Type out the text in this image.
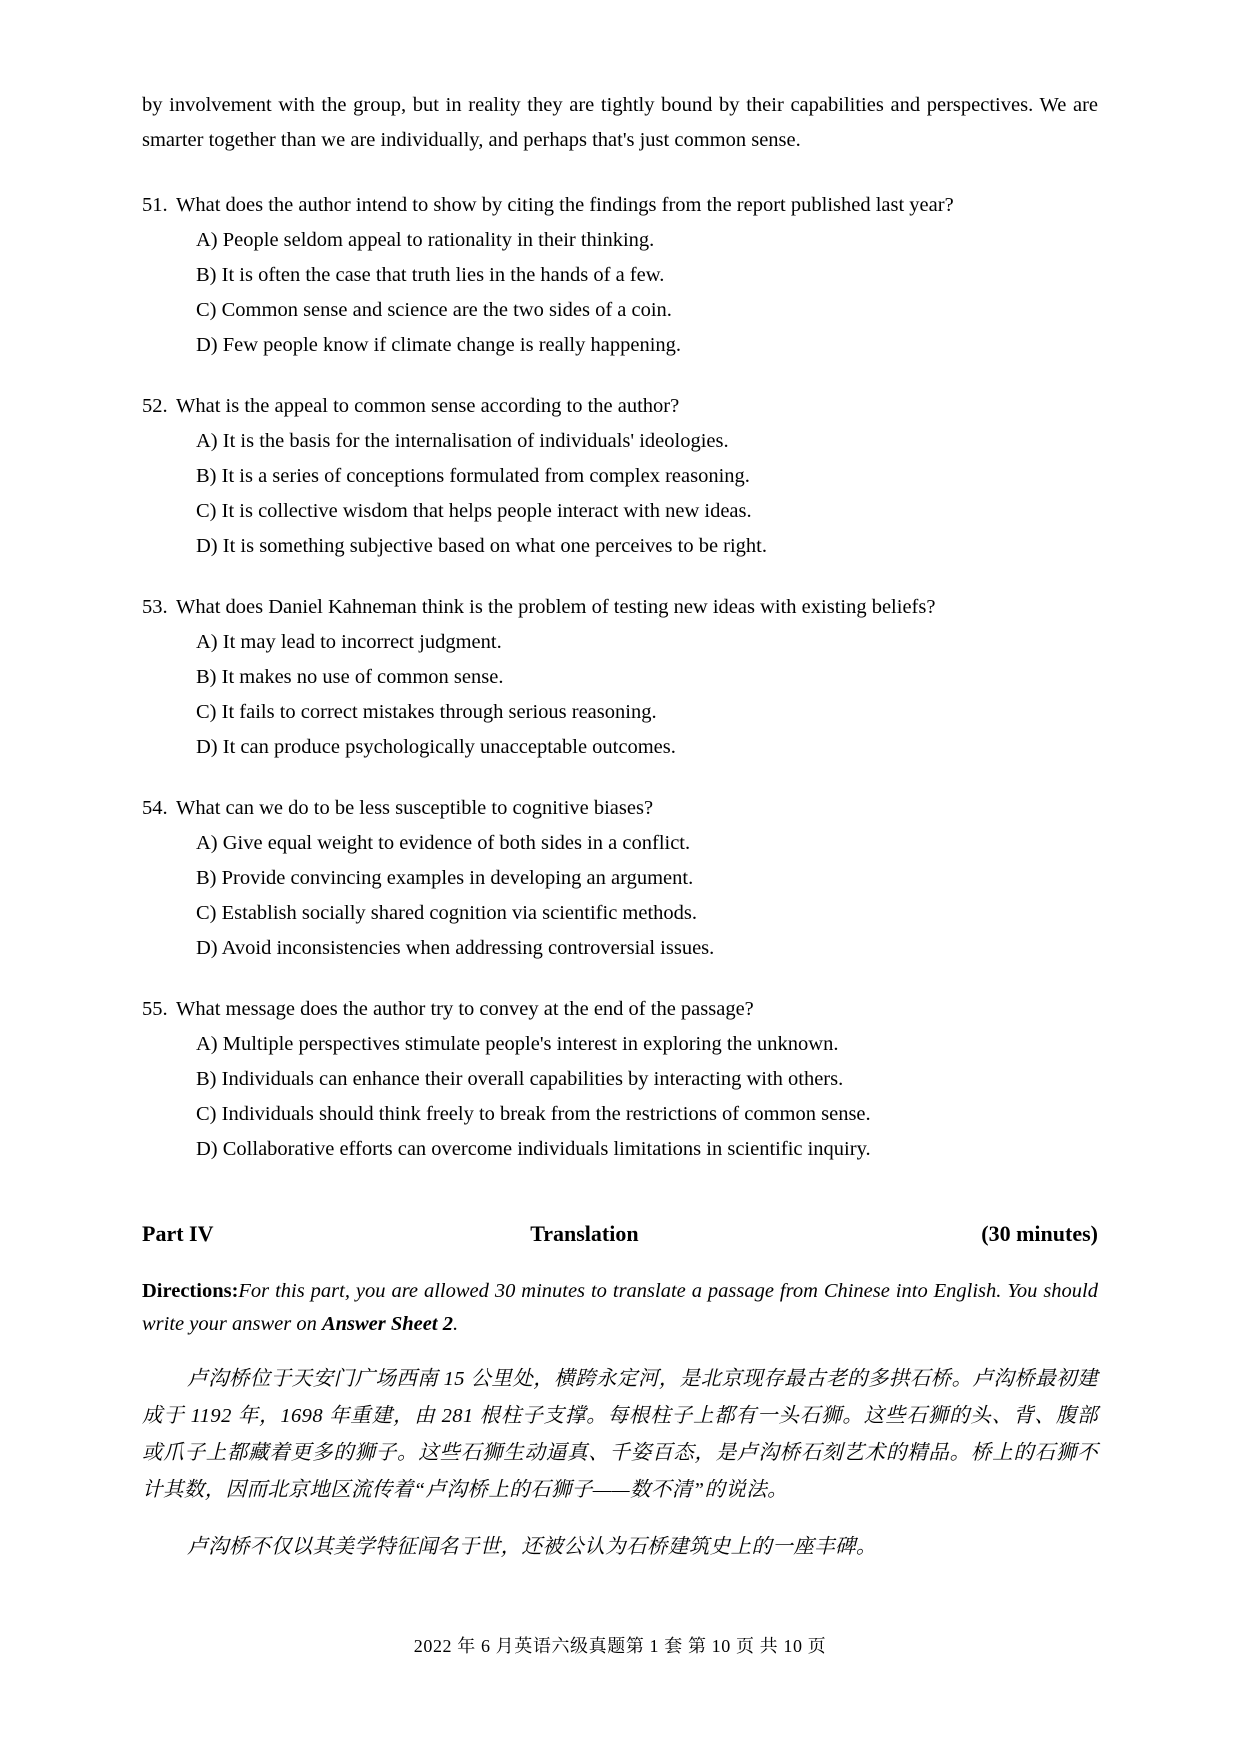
by involvement with the group, but in reality they are tightly bound by their capabilities and perspectives. We are smarter together than we are individually, and perhaps that's just common sense.

51. What does the author intend to show by citing the findings from the report published last year?
A) People seldom appeal to rationality in their thinking.
B) It is often the case that truth lies in the hands of a few.
C) Common sense and science are the two sides of a coin.
D) Few people know if climate change is really happening.
52. What is the appeal to common sense according to the author?
A) It is the basis for the internalisation of individuals' ideologies.
B) It is a series of conceptions formulated from complex reasoning.
C) It is collective wisdom that helps people interact with new ideas.
D) It is something subjective based on what one perceives to be right.
53. What does Daniel Kahneman think is the problem of testing new ideas with existing beliefs?
A) It may lead to incorrect judgment.
B) It makes no use of common sense.
C) It fails to correct mistakes through serious reasoning.
D) It can produce psychologically unacceptable outcomes.
54. What can we do to be less susceptible to cognitive biases?
A) Give equal weight to evidence of both sides in a conflict.
B) Provide convincing examples in developing an argument.
C) Establish socially shared cognition via scientific methods.
D) Avoid inconsistencies when addressing controversial issues.
55. What message does the author try to convey at the end of the passage?
A) Multiple perspectives stimulate people's interest in exploring the unknown.
B) Individuals can enhance their overall capabilities by interacting with others.
C) Individuals should think freely to break from the restrictions of common sense.
D) Collaborative efforts can overcome individuals limitations in scientific inquiry.
Part IV	Translation	(30 minutes)

Directions:For this part, you are allowed 30 minutes to translate a passage from Chinese into English. You should write your answer on Answer Sheet 2.

卢沟桥位于天安门广场西南 15 公里处，横跨永定河，是北京现存最古老的多拱石桥。卢沟桥最初建成于 1192 年，1698 年重建，由 281 根柱子支撑。每根柱子上都有一头石狮。这些石狮的头、背、腹部或爪子上都藏着更多的狮子。这些石狮生动逼真、千姿百态，是卢沟桥石刻艺术的精品。桥上的石狮不计其数，因而北京地区流传着“卢沟桥上的石狮子——数不清”的说法。

卢沟桥不仅以其美学特征闻名于世，还被公认为石桥建筑史上的一座丰碑。

2022 年 6 月英语六级真题第 1 套 第 10 页 共 10 页
